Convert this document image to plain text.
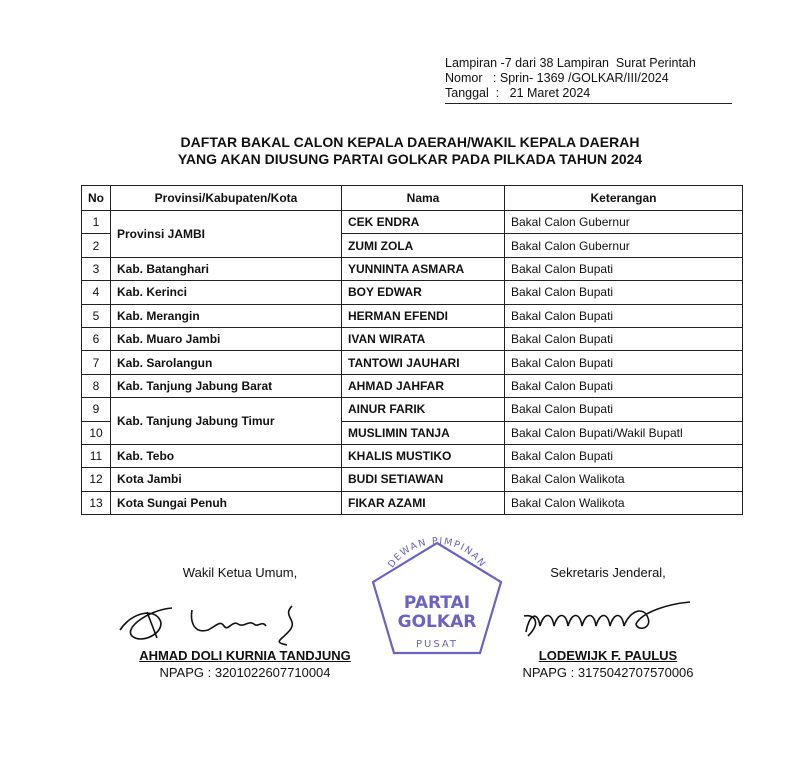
Lampiran -7 dari 38 Lampiran  Surat Perintah
Nomor   : Sprin- 1369 /GOLKAR/III/2024
Tanggal  :   21 Maret 2024
DAFTAR BAKAL CALON KEPALA DAERAH/WAKIL KEPALA DAERAH
YANG AKAN DIUSUNG PARTAI GOLKAR PADA PILKADA TAHUN 2024
No	Provinsi/Kabupaten/Kota	Nama	Keterangan
1	Provinsi JAMBI	CEK ENDRA	Bakal Calon Gubernur
2		ZUMI ZOLA	Bakal Calon Gubernur
3	Kab. Batanghari	YUNNINTA ASMARA	Bakal Calon Bupati
4	Kab. Kerinci	BOY EDWAR	Bakal Calon Bupati
5	Kab. Merangin	HERMAN EFENDI	Bakal Calon Bupati
6	Kab. Muaro Jambi	IVAN WIRATA	Bakal Calon Bupati
7	Kab. Sarolangun	TANTOWI JAUHARI	Bakal Calon Bupati
8	Kab. Tanjung Jabung Barat	AHMAD JAHFAR	Bakal Calon Bupati
9	Kab. Tanjung Jabung Timur	AINUR FARIK	Bakal Calon Bupati
10		MUSLIMIN TANJA	Bakal Calon Bupati/Wakil Bupatl
11	Kab. Tebo	KHALIS MUSTIKO	Bakal Calon Bupati
12	Kota Jambi	BUDI SETIAWAN	Bakal Calon Walikota
13	Kota Sungai Penuh	FIKAR AZAMI	Bakal Calon Walikota
DEWAN PIMPINAN
PARTAI
GOLKAR
PUSAT
Wakil Ketua Umum,
AHMAD DOLI KURNIA TANDJUNG
NPAPG : 3201022607710004
Sekretaris Jenderal,
LODEWIJK F. PAULUS
NPAPG : 3175042707570006
